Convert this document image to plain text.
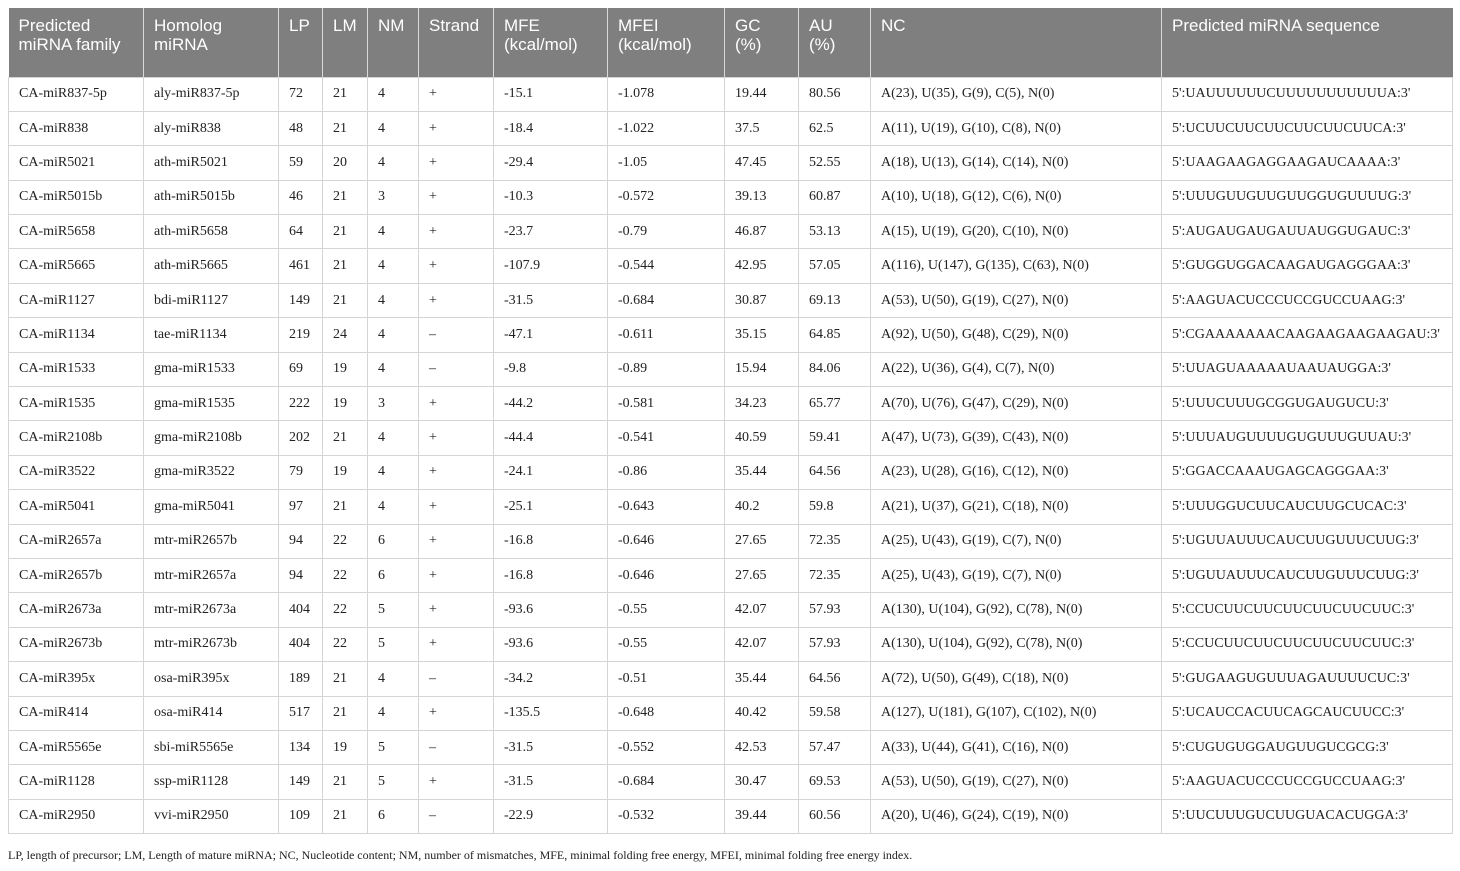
Predicted miRNA family	Homolog miRNA	LP	LM	NM	Strand	MFE (kcal/mol)	MFEI (kcal/mol)	GC (%)	AU (%)	NC	Predicted miRNA sequence
CA-miR837-5p	aly-miR837-5p	72	21	4	+	-15.1	-1.078	19.44	80.56	A(23), U(35), G(9), C(5), N(0)	5':UAUUUUUUCUUUUUUUUUUUA:3'
CA-miR838	aly-miR838	48	21	4	+	-18.4	-1.022	37.5	62.5	A(11), U(19), G(10), C(8), N(0)	5':UCUUCUUCUUCUUCUUCUUCA:3'
CA-miR5021	ath-miR5021	59	20	4	+	-29.4	-1.05	47.45	52.55	A(18), U(13), G(14), C(14), N(0)	5':UAAGAAGAGGAAGAUCAAAA:3'
CA-miR5015b	ath-miR5015b	46	21	3	+	-10.3	-0.572	39.13	60.87	A(10), U(18), G(12), C(6), N(0)	5':UUUGUUGUUGUUGGUGUUUUG:3'
CA-miR5658	ath-miR5658	64	21	4	+	-23.7	-0.79	46.87	53.13	A(15), U(19), G(20), C(10), N(0)	5':AUGAUGAUGAUUAUGGUGAUC:3'
CA-miR5665	ath-miR5665	461	21	4	+	-107.9	-0.544	42.95	57.05	A(116), U(147), G(135), C(63), N(0)	5':GUGGUGGACAAGAUGAGGGAA:3'
CA-miR1127	bdi-miR1127	149	21	4	+	-31.5	-0.684	30.87	69.13	A(53), U(50), G(19), C(27), N(0)	5':AAGUACUCCCUCCGUCCUAAG:3'
CA-miR1134	tae-miR1134	219	24	4	–	-47.1	-0.611	35.15	64.85	A(92), U(50), G(48), C(29), N(0)	5':CGAAAAAAACAAGAAGAAGAAGAU:3'
CA-miR1533	gma-miR1533	69	19	4	–	-9.8	-0.89	15.94	84.06	A(22), U(36), G(4), C(7), N(0)	5':UUAGUAAAAAUAAUAUGGA:3'
CA-miR1535	gma-miR1535	222	19	3	+	-44.2	-0.581	34.23	65.77	A(70), U(76), G(47), C(29), N(0)	5':UUUCUUUGCGGUGAUGUCU:3'
CA-miR2108b	gma-miR2108b	202	21	4	+	-44.4	-0.541	40.59	59.41	A(47), U(73), G(39), C(43), N(0)	5':UUUAUGUUUUGUGUUUGUUAU:3'
CA-miR3522	gma-miR3522	79	19	4	+	-24.1	-0.86	35.44	64.56	A(23), U(28), G(16), C(12), N(0)	5':GGACCAAAUGAGCAGGGAA:3'
CA-miR5041	gma-miR5041	97	21	4	+	-25.1	-0.643	40.2	59.8	A(21), U(37), G(21), C(18), N(0)	5':UUUGGUCUUCAUCUUGCUCAC:3'
CA-miR2657a	mtr-miR2657b	94	22	6	+	-16.8	-0.646	27.65	72.35	A(25), U(43), G(19), C(7), N(0)	5':UGUUAUUUCAUCUUGUUUCUUG:3'
CA-miR2657b	mtr-miR2657a	94	22	6	+	-16.8	-0.646	27.65	72.35	A(25), U(43), G(19), C(7), N(0)	5':UGUUAUUUCAUCUUGUUUCUUG:3'
CA-miR2673a	mtr-miR2673a	404	22	5	+	-93.6	-0.55	42.07	57.93	A(130), U(104), G(92), C(78), N(0)	5':CCUCUUCUUCUUCUUCUUCUUC:3'
CA-miR2673b	mtr-miR2673b	404	22	5	+	-93.6	-0.55	42.07	57.93	A(130), U(104), G(92), C(78), N(0)	5':CCUCUUCUUCUUCUUCUUCUUC:3'
CA-miR395x	osa-miR395x	189	21	4	–	-34.2	-0.51	35.44	64.56	A(72), U(50), G(49), C(18), N(0)	5':GUGAAGUGUUUAGAUUUUCUC:3'
CA-miR414	osa-miR414	517	21	4	+	-135.5	-0.648	40.42	59.58	A(127), U(181), G(107), C(102), N(0)	5':UCAUCCACUUCAGCAUCUUCC:3'
CA-miR5565e	sbi-miR5565e	134	19	5	–	-31.5	-0.552	42.53	57.47	A(33), U(44), G(41), C(16), N(0)	5':CUGUGUGGAUGUUGUCGCG:3'
CA-miR1128	ssp-miR1128	149	21	5	+	-31.5	-0.684	30.47	69.53	A(53), U(50), G(19), C(27), N(0)	5':AAGUACUCCCUCCGUCCUAAG:3'
CA-miR2950	vvi-miR2950	109	21	6	–	-22.9	-0.532	39.44	60.56	A(20), U(46), G(24), C(19), N(0)	5':UUCUUUGUCUUGUACACUGGA:3'
LP, length of precursor; LM, Length of mature miRNA; NC, Nucleotide content; NM, number of mismatches, MFE, minimal folding free energy, MFEI, minimal folding free energy index.
